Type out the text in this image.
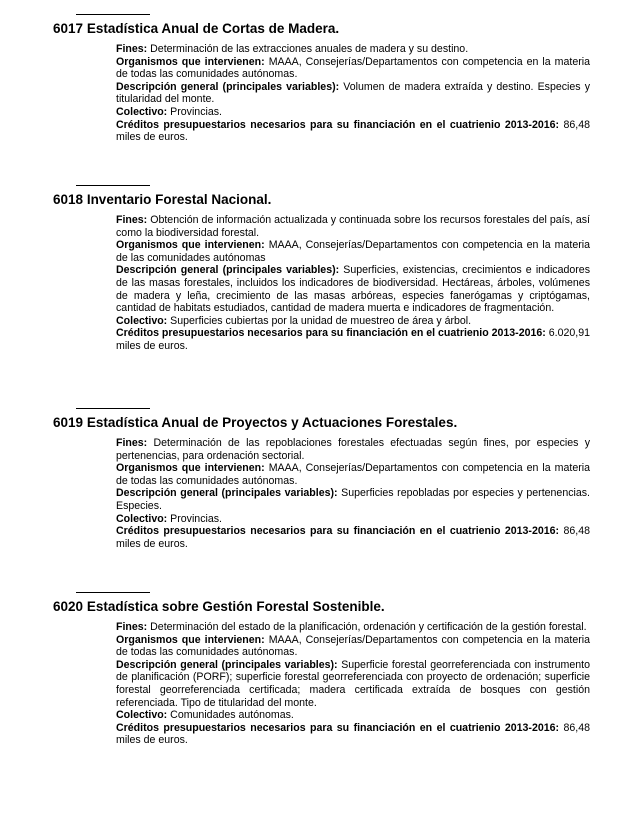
6017 Estadística Anual de Cortas de Madera.

Fines: Determinación de las extracciones anuales de madera y su destino.

Organismos que intervienen: MAAA, Consejerías/Departamentos con competencia en la materia de todas las comunidades autónomas.

Descripción general (principales variables): Volumen de madera extraída y destino. Especies y titularidad del monte.

Colectivo: Provincias.

Créditos presupuestarios necesarios para su financiación en el cuatrienio 2013-2016: 86,48 miles de euros.

6018 Inventario Forestal Nacional.

Fines: Obtención de información actualizada y continuada sobre los recursos forestales del país, así como la biodiversidad forestal.

Organismos que intervienen: MAAA, Consejerías/Departamentos con competencia en la materia de las comunidades autónomas

Descripción general (principales variables): Superficies, existencias, crecimientos e indicadores de las masas forestales, incluidos los indicadores de biodiversidad. Hectáreas, árboles, volúmenes de madera y leña, crecimiento de las masas arbóreas, especies fanerógamas y criptógamas, cantidad de habitats estudiados, cantidad de madera muerta e indicadores de fragmentación.

Colectivo: Superficies cubiertas por la unidad de muestreo de área y árbol.

Créditos presupuestarios necesarios para su financiación en el cuatrienio 2013-2016: 6.020,91 miles de euros.

6019 Estadística Anual de Proyectos y Actuaciones Forestales.

Fines: Determinación de las repoblaciones forestales efectuadas según fines, por especies y pertenencias, para ordenación sectorial.

Organismos que intervienen: MAAA, Consejerías/Departamentos con competencia en la materia de todas las comunidades autónomas.

Descripción general (principales variables): Superficies repobladas por especies y pertenencias. Especies.

Colectivo: Provincias.

Créditos presupuestarios necesarios para su financiación en el cuatrienio 2013-2016: 86,48 miles de euros.

6020 Estadística sobre Gestión Forestal Sostenible.

Fines: Determinación del estado de la planificación, ordenación y certificación de la gestión forestal.

Organismos que intervienen: MAAA, Consejerías/Departamentos con competencia en la materia de todas las comunidades autónomas.

Descripción general (principales variables): Superficie forestal georreferenciada con instrumento de planificación (PORF); superficie forestal georreferenciada con proyecto de ordenación; superficie forestal georreferenciada certificada; madera certificada extraída de bosques con gestión referenciada. Tipo de titularidad del monte.

Colectivo: Comunidades autónomas.

Créditos presupuestarios necesarios para su financiación en el cuatrienio 2013-2016: 86,48 miles de euros.
